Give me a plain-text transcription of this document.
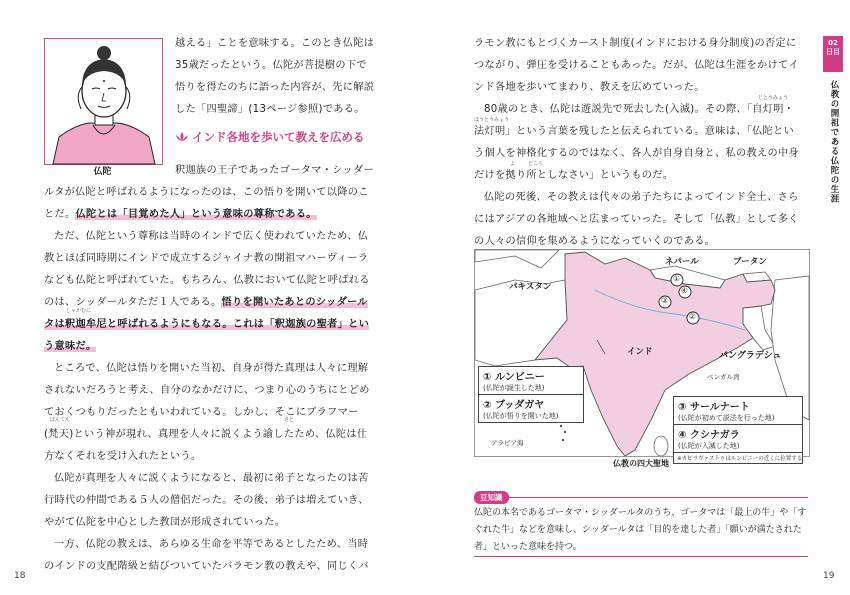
仏陀
越える」ことを意味する。このとき仏陀は
35歳だったという。仏陀が菩提樹の下で
悟りを得たのちに語った内容が、先に解説
した「四聖諦」(13ページ参照)である。
インド各地を歩いて教えを広める
釈迦族の王子であったゴータマ・シッダー
ルタが仏陀と呼ばれるようになったのは、この悟りを開いて以降のこ
とだ。仏陀とは「目覚めた人」という意味の尊称である。
ただ、仏陀という尊称は当時のインドで広く使われていたため、仏
教とほぼ同時期にインドで成立するジャイナ教の開祖マハーヴィーラ
なども仏陀と呼ばれていた。もちろん、仏教において仏陀と呼ばれる
のは、シッダールタただ１人である。悟りを開いたあとのシッダール
しゃかむに
タは釈迦牟尼と呼ばれるようにもなる。これは「釈迦族の聖者」とい
う意味だ。
ところで、仏陀は悟りを開いた当初、自身が得た真理は人々に理解
されないだろうと考え、自分のなかだけに、つまり心のうちにとどめ
ておくつもりだったともいわれている。しかし、そこにブラフマー
ぼんてん	さと
(梵天)という神が現れ、真理を人々に説くよう諭したため、仏陀は仕
方なくそれを受け入れたという。
仏陀が真理を人々に説くようになると、最初に弟子となったのは苦
行時代の仲間である５人の僧侶だった。その後、弟子は増えていき、
やがて仏陀を中心とした教団が形成されていった。
一方、仏陀の教えは、あらゆる生命を平等であるとしたため、当時
のインドの支配階級と結びついていたバラモン教の教えや、同じくバ
18
02
日目
仏教の開祖である仏陀の生涯
ラモン教にもとづくカースト制度(インドにおける身分制度)の否定に
つながり、弾圧を受けることもあった。だが、仏陀は生涯をかけてイ
ンド各地を歩いてまわり、教えを広めていった。
じとうみょう
80歳のとき、仏陀は遊説先で死去した(入滅)。その際、「自灯明・
ほうとうみょう
法灯明」という言葉を残したと伝えられている。意味は、「仏陀とい
う個人を神格化するのではなく、各人が自身自身と、私の教えの中身
よ	どころ
だけを拠り所としなさい」というものだ。
仏陀の死後、その教えは代々の弟子たちによってインド全土、さら
にはアジアの各地域へと広まっていった。そして「仏教」として多く
の人々の信仰を集めるようになっていくのである。
①
④
③
②
ネパール	ブータン
パキスタン
インド	バングラデシュ
ベンガル湾
アラビア海
① ルンビニー
(仏陀が誕生した地)
② ブッダガヤ
(仏陀が悟りを開いた地)
③ サールナート
(仏陀が初めて説法を行った地)
④ クシナガラ
(仏陀が入滅した地)
※カピラヴァストゥはルンビニーの近くに位置する
仏教の四大聖地
豆知識
仏陀の本名であるゴータマ・シッダールタのうち、ゴータマは「最上の牛」や「す
ぐれた牛」などを意味し、シッダールタは「目的を達した者」「願いが満たされた
者」といった意味を持つ。
19
